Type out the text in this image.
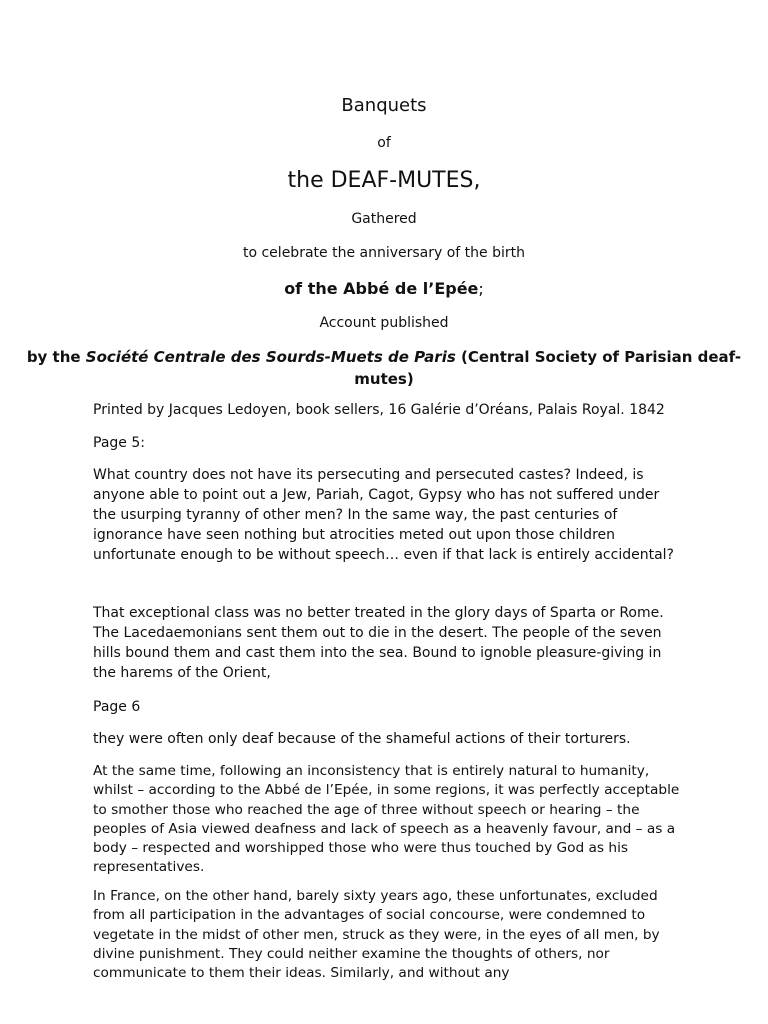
Banquets
of
the DEAF-MUTES,
Gathered
to celebrate the anniversary of the birth
of the Abbé de l’Epée;
Account published
by the Société Centrale des Sourds-Muets de Paris (Central Society of Parisian deaf-mutes)

Printed by Jacques Ledoyen, book sellers, 16 Galérie d’Oréans, Palais Royal. 1842

Page 5:

What country does not have its persecuting and persecuted castes? Indeed, is anyone able to point out a Jew, Pariah, Cagot, Gypsy who has not suffered under the usurping tyranny of other men? In the same way, the past centuries of ignorance have seen nothing but atrocities meted out upon those children unfortunate enough to be without speech… even if that lack is entirely accidental?

That exceptional class was no better treated in the glory days of Sparta or Rome. The Lacedaemonians sent them out to die in the desert. The people of the seven hills bound them and cast them into the sea. Bound to ignoble pleasure-giving in the harems of the Orient,

Page 6

they were often only deaf because of the shameful actions of their torturers.

At the same time, following an inconsistency that is entirely natural to humanity, whilst – according to the Abbé de l’Epée, in some regions, it was perfectly acceptable to smother those who reached the age of three without speech or hearing – the peoples of Asia viewed deafness and lack of speech as a heavenly favour, and – as a body – respected and worshipped those who were thus touched by God as his representatives.

In France, on the other hand, barely sixty years ago, these unfortunates, excluded from all participation in the advantages of social concourse, were condemned to vegetate in the midst of other men, struck as they were, in the eyes of all men, by divine punishment. They could neither examine the thoughts of others, nor communicate to them their ideas. Similarly, and without any
